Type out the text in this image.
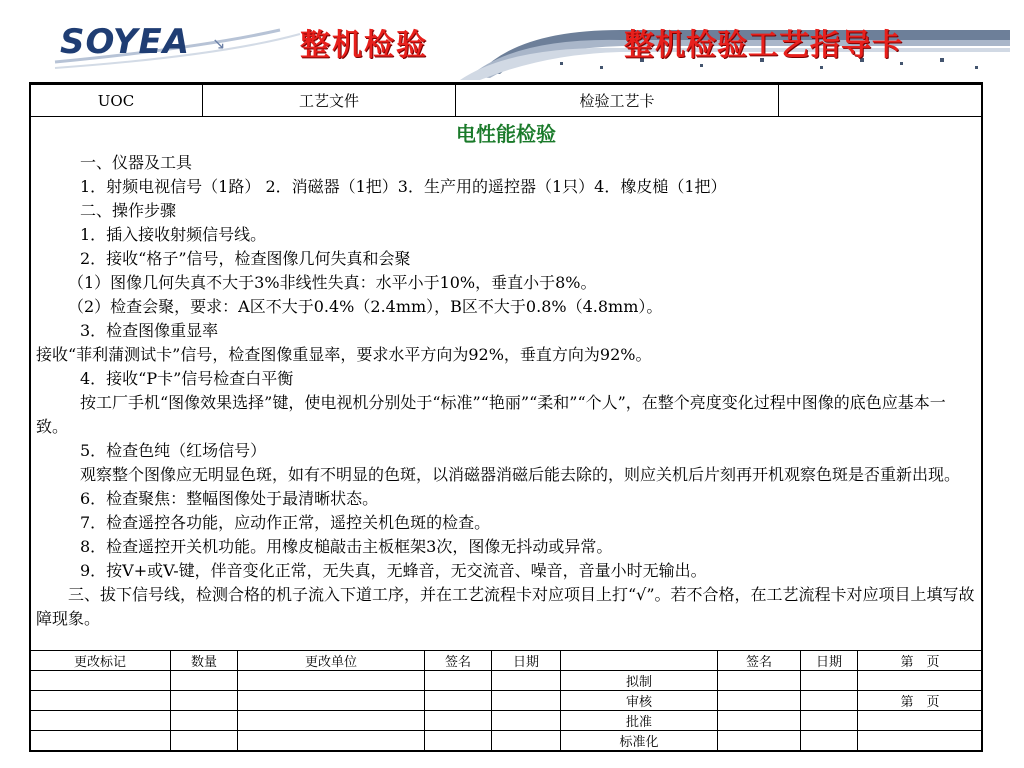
SOYEA ↘ 整机检验	整机检验工艺指导卡
UOC	工艺文件	检验工艺卡	
电性能检验
一、仪器及工具
1．射频电视信号（1路） 2．消磁器（1把）3．生产用的遥控器（1只）4．橡皮槌（1把）
二、操作步骤
1．插入接收射频信号线。
2．接收“格子”信号，检查图像几何失真和会聚
（1）图像几何失真不大于3%非线性失真：水平小于10%，垂直小于8%。
（2）检查会聚，要求：A区不大于0.4%（2.4mm），B区不大于0.8%（4.8mm）。
3．检查图像重显率
接收“菲利蒲测试卡”信号，检查图像重显率，要求水平方向为92%，垂直方向为92%。
4．接收“P卡”信号检查白平衡
按工厂手机“图像效果选择”键，使电视机分别处于“标准”“艳丽”“柔和”“个人”，在整个亮度变化过程中图像的底色应基本一致。
5．检查色纯（红场信号）
观察整个图像应无明显色斑，如有不明显的色斑，以消磁器消磁后能去除的，则应关机后片刻再开机观察色斑是否重新出现。
6．检查聚焦：整幅图像处于最清晰状态。
7．检查遥控各功能，应动作正常，遥控关机色斑的检查。
8．检查遥控开关机功能。用橡皮槌敲击主板框架3次，图像无抖动或异常。
9．按V+或V-键，伴音变化正常，无失真，无蜂音，无交流音、噪音，音量小时无输出。
三、拔下信号线，检测合格的机子流入下道工序，并在工艺流程卡对应项目上打“√”。若不合格，在工艺流程卡对应项目上填写故障现象。
更改标记	数量	更改单位	签名	日期		签名	日期	第　页
					拟制			
					审核			第　页
					批准			
					标准化			
